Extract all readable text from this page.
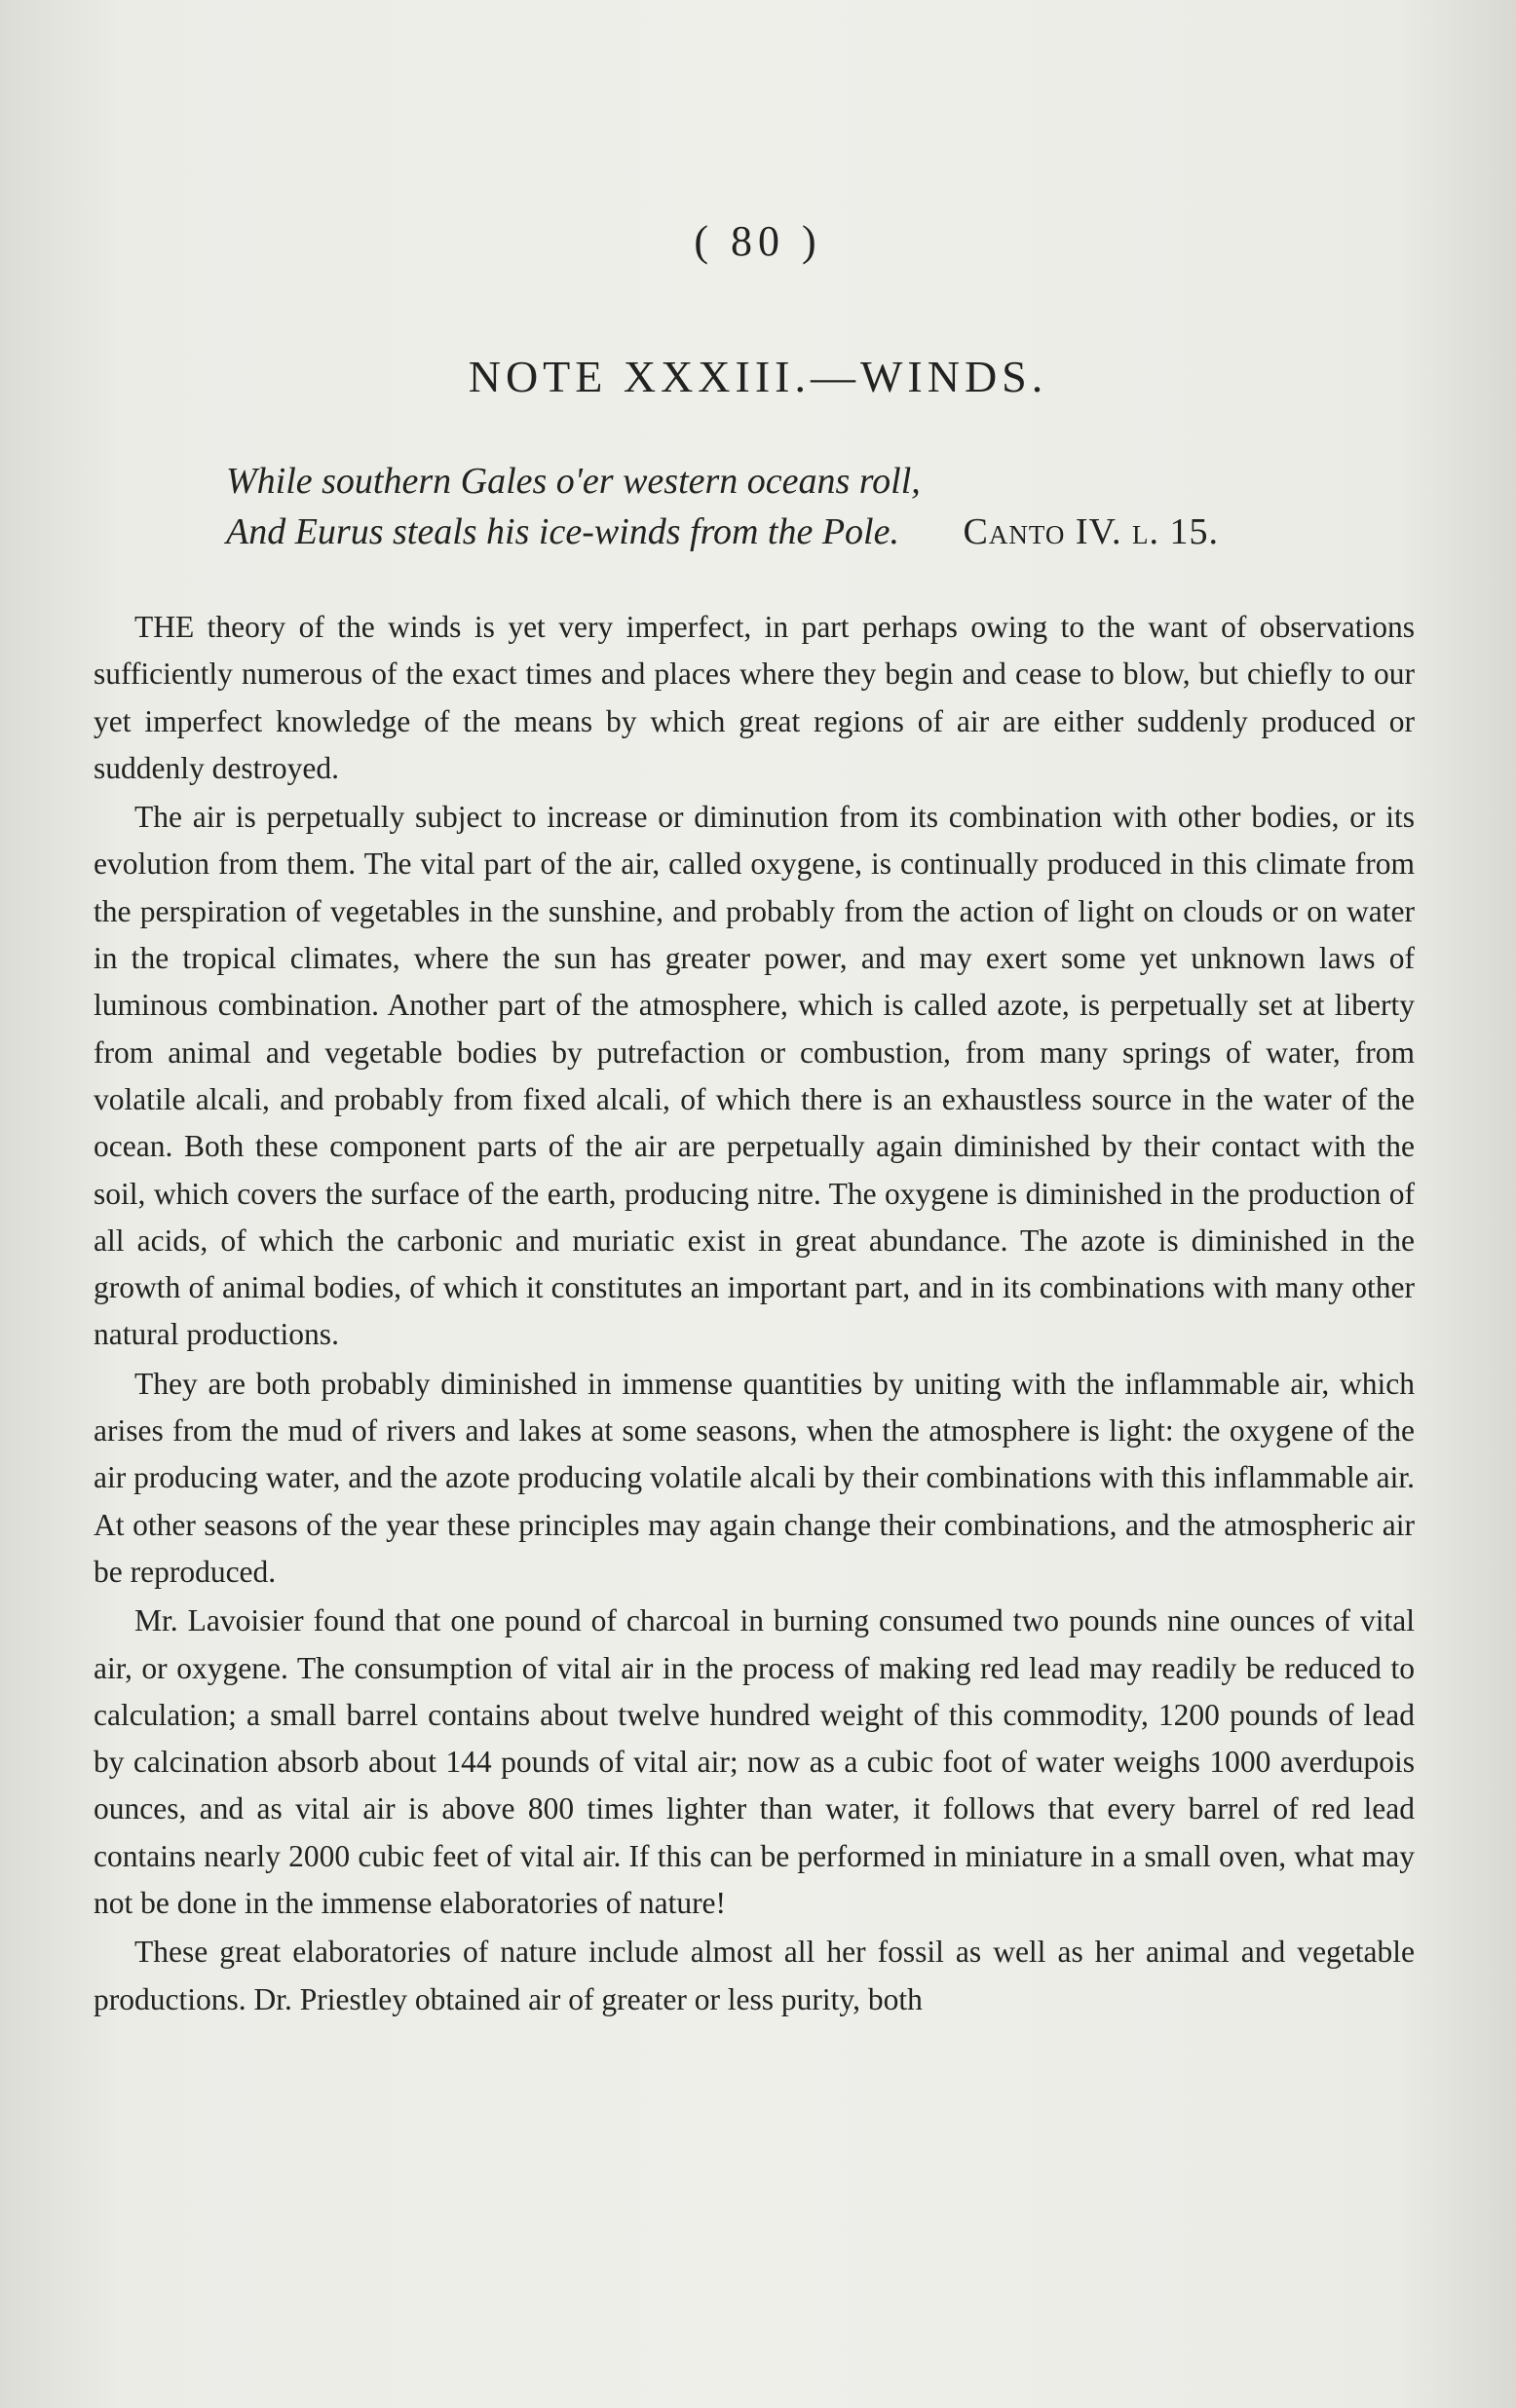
( 80 )
NOTE XXXIII.—WINDS.
While southern Gales o'er western oceans roll,
And Eurus steals his ice-winds from the Pole. Canto IV. l. 15.

THE theory of the winds is yet very imperfect, in part perhaps owing to the want of observations sufficiently numerous of the exact times and places where they begin and cease to blow, but chiefly to our yet imperfect knowledge of the means by which great regions of air are either suddenly produced or suddenly destroyed.

The air is perpetually subject to increase or diminution from its combination with other bodies, or its evolution from them. The vital part of the air, called oxygene, is continually produced in this climate from the perspiration of vegetables in the sunshine, and probably from the action of light on clouds or on water in the tropical climates, where the sun has greater power, and may exert some yet unknown laws of luminous combination. Another part of the atmosphere, which is called azote, is perpetually set at liberty from animal and vegetable bodies by putrefaction or combustion, from many springs of water, from volatile alcali, and probably from fixed alcali, of which there is an exhaustless source in the water of the ocean. Both these component parts of the air are perpetually again diminished by their contact with the soil, which covers the surface of the earth, producing nitre. The oxygene is diminished in the production of all acids, of which the carbonic and muriatic exist in great abundance. The azote is diminished in the growth of animal bodies, of which it constitutes an important part, and in its combinations with many other natural productions.

They are both probably diminished in immense quantities by uniting with the inflammable air, which arises from the mud of rivers and lakes at some seasons, when the atmosphere is light: the oxygene of the air producing water, and the azote producing volatile alcali by their combinations with this inflammable air. At other seasons of the year these principles may again change their combinations, and the atmospheric air be reproduced.

Mr. Lavoisier found that one pound of charcoal in burning consumed two pounds nine ounces of vital air, or oxygene. The consumption of vital air in the process of making red lead may readily be reduced to calculation; a small barrel contains about twelve hundred weight of this commodity, 1200 pounds of lead by calcination absorb about 144 pounds of vital air; now as a cubic foot of water weighs 1000 averdupois ounces, and as vital air is above 800 times lighter than water, it follows that every barrel of red lead contains nearly 2000 cubic feet of vital air. If this can be performed in miniature in a small oven, what may not be done in the immense elaboratories of nature!

These great elaboratories of nature include almost all her fossil as well as her animal and vegetable productions. Dr. Priestley obtained air of greater or less purity, both
